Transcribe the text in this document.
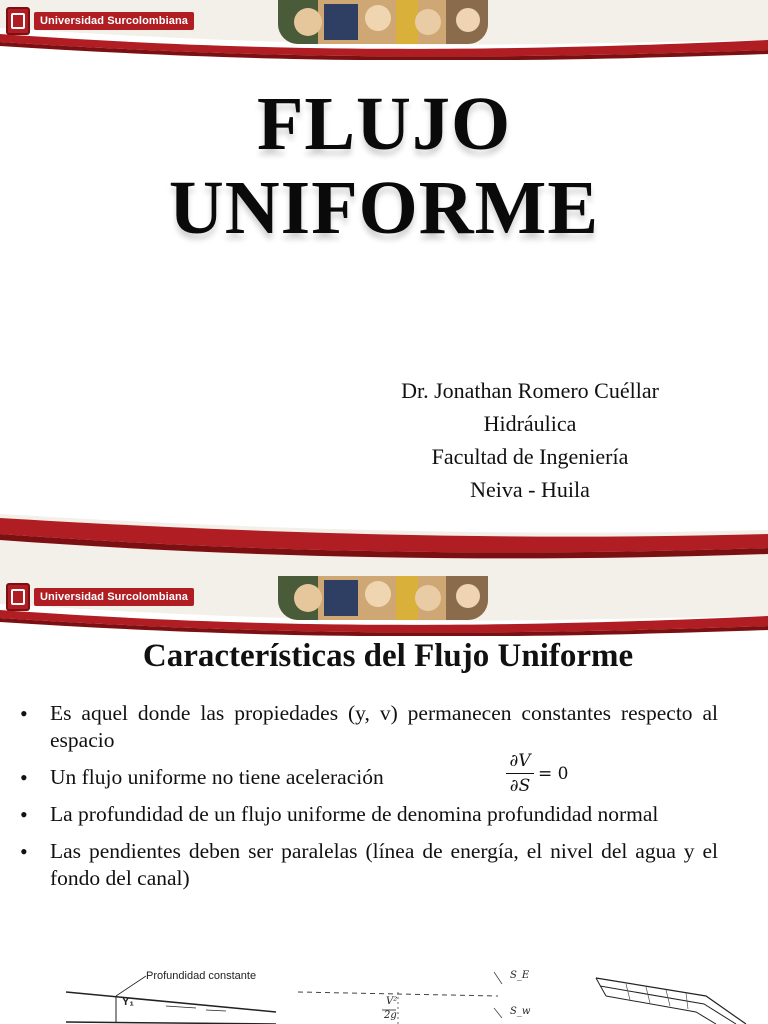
Universidad Surcolombiana
FLUJO
UNIFORME
Dr. Jonathan Romero Cuéllar
Hidráulica
Facultad de Ingeniería
Neiva - Huila
Universidad Surcolombiana
Características del Flujo Uniforme
• Es aquel donde las propiedades (y, v) permanecen constantes respecto al espacio
• Un flujo uniforme no tiene aceleración
• La profundidad de un flujo uniforme de denomina profundidad normal
• Las pendientes deben ser paralelas (línea de energía, el nivel del agua y el fondo del canal)
$\frac{\partial V}{\partial S} = 0$
Profundidad constante
Y₁	V²
2g
S_E
S_w
